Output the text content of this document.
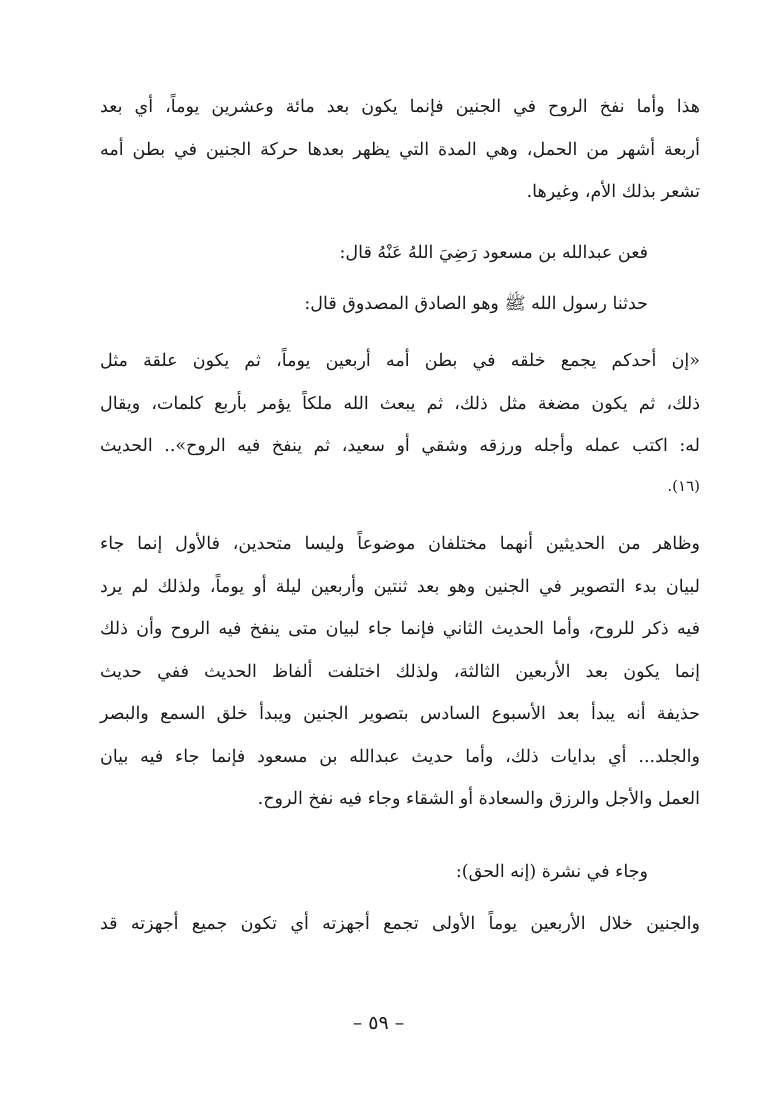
هذا وأما نفخ الروح في الجنين فإنما يكون بعد مائة وعشرين يوماً، أي بعد
أربعة أشهر من الحمل، وهي المدة التي يظهر بعدها حركة الجنين في بطن أمه
تشعر بذلك الأم، وغيرها.
فعن عبدالله بن مسعود رَضِيَ اللهُ عَنْهُ قال:
حدثنا رسول الله ﷺ وهو الصادق المصدوق قال:
«إن أحدكم يجمع خلقه في بطن أمه أربعين يوماً، ثم يكون علقة مثل
ذلك، ثم يكون مضغة مثل ذلك، ثم يبعث الله ملكاً يؤمر بأربع كلمات، ويقال
له: اكتب عمله وأجله ورزقه وشقي أو سعيد، ثم ينفخ فيه الروح».. الحديث
(١٦).
وظاهر من الحديثين أنهما مختلفان موضوعاً وليسا متحدين، فالأول إنما جاء
لبيان بدء التصوير في الجنين وهو بعد ثنتين وأربعين ليلة أو يوماً، ولذلك لم يرد
فيه ذكر للروح، وأما الحديث الثاني فإنما جاء لبيان متى ينفخ فيه الروح وأن ذلك
إنما يكون بعد الأربعين الثالثة، ولذلك اختلفت ألفاظ الحديث ففي حديث
حذيفة أنه يبدأ بعد الأسبوع السادس بتصوير الجنين ويبدأ خلق السمع والبصر
والجلد... أي بدايات ذلك، وأما حديث عبدالله بن مسعود فإنما جاء فيه بيان
العمل والأجل والرزق والسعادة أو الشقاء وجاء فيه نفخ الروح.
وجاء في نشرة (إنه الحق):
والجنين خلال الأربعين يوماً الأولى تجمع أجهزته أي تكون جميع أجهزته قد
– ٥٩ –
